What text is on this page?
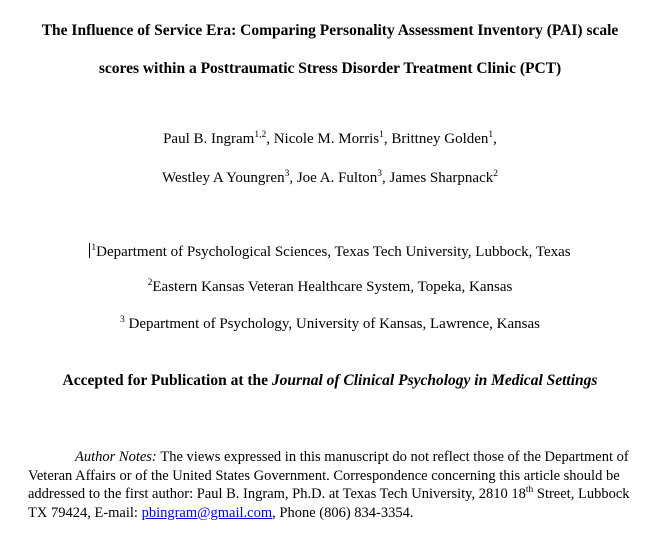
The Influence of Service Era: Comparing Personality Assessment Inventory (PAI) scale
scores within a Posttraumatic Stress Disorder Treatment Clinic (PCT)
Paul B. Ingram$^{1,2}$, Nicole M. Morris$^1$, Brittney Golden$^1$,
Westley A Youngren$^3$, Joe A. Fulton$^3$, James Sharpnack$^2$
$^1$Department of Psychological Sciences, Texas Tech University, Lubbock, Texas
$^2$Eastern Kansas Veteran Healthcare System, Topeka, Kansas
$^3$ Department of Psychology, University of Kansas, Lawrence, Kansas
Accepted for Publication at the Journal of Clinical Psychology in Medical Settings
Author Notes: The views expressed in this manuscript do not reflect those of the Department of Veteran Affairs or of the United States Government. Correspondence concerning this article should be addressed to the first author: Paul B. Ingram, Ph.D. at Texas Tech University, 2810 18th Street, Lubbock TX 79424, E-mail: pbingram@gmail.com, Phone (806) 834-3354.
